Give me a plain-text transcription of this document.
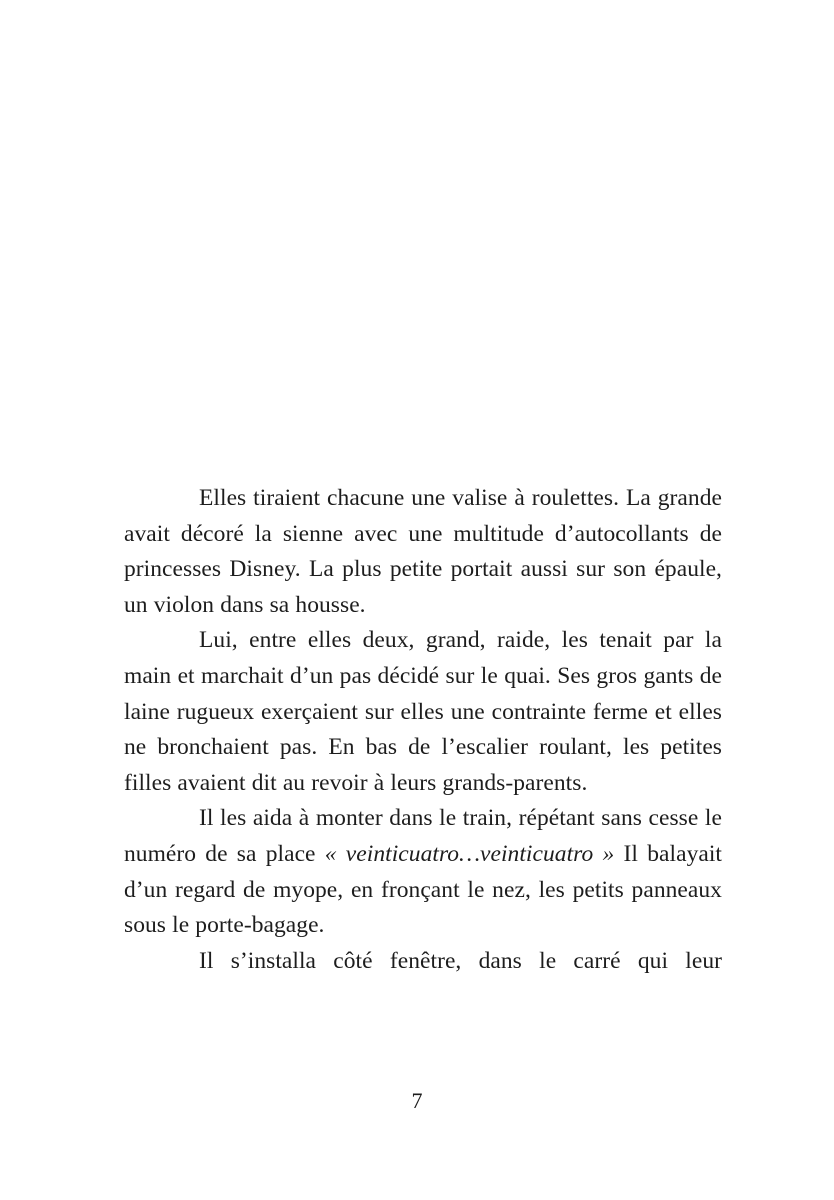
Elles tiraient chacune une valise à roulettes. La grande avait décoré la sienne avec une multitude d’autocollants de princesses Disney. La plus petite portait aussi sur son épaule, un violon dans sa housse.

Lui, entre elles deux, grand, raide, les tenait par la main et marchait d’un pas décidé sur le quai. Ses gros gants de laine rugueux exerçaient sur elles une contrainte ferme et elles ne bronchaient pas. En bas de l’escalier roulant, les petites filles avaient dit au revoir à leurs grands-parents.

Il les aida à monter dans le train, répétant sans cesse le numéro de sa place « veinticuatro…veinticuatro » Il balayait d’un regard de myope, en fronçant le nez, les petits panneaux sous le porte-bagage.

Il s’installa côté fenêtre, dans le carré qui leur

7
